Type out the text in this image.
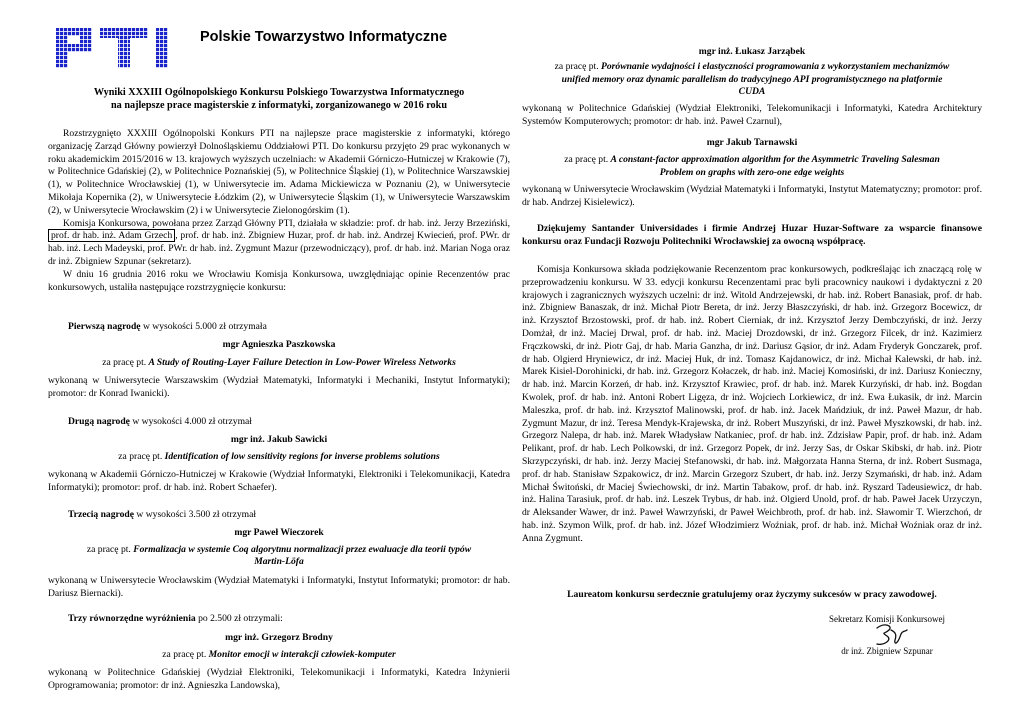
Polskie Towarzystwo Informatyczne

Wyniki XXXIII Ogólnopolskiego Konkursu Polskiego Towarzystwa Informatycznego

na najlepsze prace magisterskie z informatyki, zorganizowanego w 2016 roku

Rozstrzygnięto XXXIII Ogólnopolski Konkurs PTI na najlepsze prace magisterskie z informatyki, którego organizację Zarząd Główny powierzył Dolnośląskiemu Oddziałowi PTI. Do konkursu przyjęto 29 prac wykonanych w roku akademickim 2015/2016 w 13. krajowych wyższych uczelniach: w Akademii Górniczo-Hutniczej w Krakowie (7), w Politechnice Gdańskiej (2), w Politechnice Poznańskiej (5), w Politechnice Śląskiej (1), w Politechnice Warszawskiej (1), w Politechnice Wrocławskiej (1), w Uniwersytecie im. Adama Mickiewicza w Poznaniu (2), w Uniwersytecie Mikołaja Kopernika (2), w Uniwersytecie Łódzkim (2), w Uniwersytecie Śląskim (1), w Uniwersytecie Warszawskim (2), w Uniwersytecie Wrocławskim (2) i w Uniwersytecie Zielonogórskim (1).

Komisja Konkursowa, powołana przez Zarząd Główny PTI, działała w składzie: prof. dr hab. inż. Jerzy Brzeziński, prof. dr hab. inż. Adam Grzech , prof. dr hab. inż. Zbigniew Huzar, prof. dr hab. inż. Andrzej Kwiecień, prof. PWr. dr hab. inż. Lech Madeyski, prof. PWr. dr hab. inż. Zygmunt Mazur (przewodniczący), prof. dr hab. inż. Marian Noga oraz dr inż. Zbigniew Szpunar (sekretarz).

W dniu 16 grudnia 2016 roku we Wrocławiu Komisja Konkursowa, uwzględniając opinie Recenzentów prac konkursowych, ustaliła następujące rozstrzygnięcie konkursu:

Pierwszą nagrodę w wysokości 5.000 zł otrzymała

mgr Agnieszka Paszkowska

za pracę pt. A Study of Routing-Layer Failure Detection in Low-Power Wireless Networks

wykonaną w Uniwersytecie Warszawskim (Wydział Matematyki, Informatyki i Mechaniki, Instytut Informatyki); promotor: dr Konrad Iwanicki).

Drugą nagrodę w wysokości 4.000 zł otrzymał

mgr inż. Jakub Sawicki

za pracę pt. Identification of low sensitivity regions for inverse problems solutions

wykonaną w Akademii Górniczo-Hutniczej w Krakowie (Wydział Informatyki, Elektroniki i Telekomunikacji, Katedra Informatyki); promotor: prof. dr hab. inż. Robert Schaefer).

Trzecią nagrodę w wysokości 3.500 zł otrzymał

mgr Paweł Wieczorek

za pracę pt. Formalizacja w systemie Coq algorytmu normalizacji przez ewaluacje dla teorii typów

Martin-Löfa

wykonaną w Uniwersytecie Wrocławskim (Wydział Matematyki i Informatyki, Instytut Informatyki; promotor: dr hab. Dariusz Biernacki).

Trzy równorzędne wyróżnienia po 2.500 zł otrzymali:

mgr inż. Grzegorz Brodny

za pracę pt. Monitor emocji w interakcji człowiek-komputer

wykonaną w Politechnice Gdańskiej (Wydział Elektroniki, Telekomunikacji i Informatyki, Katedra Inżynierii Oprogramowania; promotor: dr inż. Agnieszka Landowska),

mgr inż. Łukasz Jarząbek

za pracę pt. Porównanie wydajności i elastyczności programowania z wykorzystaniem mechanizmów

unified memory oraz dynamic parallelism do tradycyjnego API programistycznego na platformie

CUDA

wykonaną w Politechnice Gdańskiej (Wydział Elektroniki, Telekomunikacji i Informatyki, Katedra Architektury Systemów Komputerowych; promotor: dr hab. inż. Paweł Czarnul),

mgr Jakub Tarnawski

za pracę pt. A constant-factor approximation algorithm for the Asymmetric Traveling Salesman

Problem on graphs with zero-one edge weights

wykonaną w Uniwersytecie Wrocławskim (Wydział Matematyki i Informatyki, Instytut Matematyczny; promotor: prof. dr hab. Andrzej Kisielewicz).

Dziękujemy Santander Universidades i firmie Andrzej Huzar Huzar-Software za wsparcie finansowe konkursu oraz Fundacji Rozwoju Politechniki Wrocławskiej za owocną współpracę.

Komisja Konkursowa składa podziękowanie Recenzentom prac konkursowych, podkreślając ich znaczącą rolę w przeprowadzeniu konkursu. W 33. edycji konkursu Recenzentami prac byli pracownicy naukowi i dydaktyczni z 20 krajowych i zagranicznych wyższych uczelni: dr inż. Witold Andrzejewski, dr hab. inż. Robert Banasiak, prof. dr hab. inż. Zbigniew Banaszak, dr inż. Michał Piotr Bereta, dr inż. Jerzy Błaszczyński, dr hab. inż. Grzegorz Bocewicz, dr inż. Krzysztof Brzostowski, prof. dr hab. inż. Robert Cierniak, dr inż. Krzysztof Jerzy Dembczyński, dr inż. Jerzy Domżał, dr inż. Maciej Drwal, prof. dr hab. inż. Maciej Drozdowski, dr inż. Grzegorz Filcek, dr inż. Kazimierz Frączkowski, dr inż. Piotr Gaj, dr hab. Maria Ganzha, dr inż. Dariusz Gąsior, dr inż. Adam Fryderyk Gonczarek, prof. dr hab. Olgierd Hryniewicz, dr inż. Maciej Huk, dr inż. Tomasz Kajdanowicz, dr inż. Michał Kalewski, dr hab. inż. Marek Kisiel-Dorohinicki, dr hab. inż. Grzegorz Kołaczek, dr hab. inż. Maciej Komosiński, dr inż. Dariusz Konieczny, dr hab. inż. Marcin Korzeń, dr hab. inż. Krzysztof Krawiec, prof. dr hab. inż. Marek Kurzyński, dr hab. inż. Bogdan Kwolek, prof. dr hab. inż. Antoni Robert Ligęza, dr inż. Wojciech Lorkiewicz, dr inż. Ewa Łukasik, dr inż. Marcin Maleszka, prof. dr hab. inż. Krzysztof Malinowski, prof. dr hab. inż. Jacek Mańdziuk, dr inż. Paweł Mazur, dr hab. Zygmunt Mazur, dr inż. Teresa Mendyk-Krajewska, dr inż. Robert Muszyński, dr inż. Paweł Myszkowski, dr hab. inż. Grzegorz Nalepa, dr hab. inż. Marek Władysław Natkaniec, prof. dr hab. inż. Zdzisław Papir, prof. dr hab. inż. Adam Pelikant, prof. dr hab. Lech Polkowski, dr inż. Grzegorz Popek, dr inż. Jerzy Sas, dr Oskar Skibski, dr hab. inż. Piotr Skrzypczyński, dr hab. inż. Jerzy Maciej Stefanowski, dr hab. inż. Małgorzata Hanna Sterna, dr inż. Robert Susmaga, prof. dr hab. Stanisław Szpakowicz, dr inż. Marcin Grzegorz Szubert, dr hab. inż. Jerzy Szymański, dr hab. inż. Adam Michał Świtoński, dr Maciej Świechowski, dr inż. Martin Tabakow, prof. dr hab. inż. Ryszard Tadeusiewicz, dr hab. inż. Halina Tarasiuk, prof. dr hab. inż. Leszek Trybus, dr hab. inż. Olgierd Unold, prof. dr hab. Paweł Jacek Urzyczyn, dr Aleksander Wawer, dr inż. Paweł Wawrzyński, dr Paweł Weichbroth, prof. dr hab. inż. Sławomir T. Wierzchoń, dr hab. inż. Szymon Wilk, prof. dr hab. inż. Józef Włodzimierz Woźniak, prof. dr hab. inż. Michał Woźniak oraz dr inż. Anna Zygmunt.

Laureatom konkursu serdecznie gratulujemy oraz życzymy sukcesów w pracy zawodowej.

Sekretarz Komisji Konkursowej

dr inż. Zbigniew Szpunar
